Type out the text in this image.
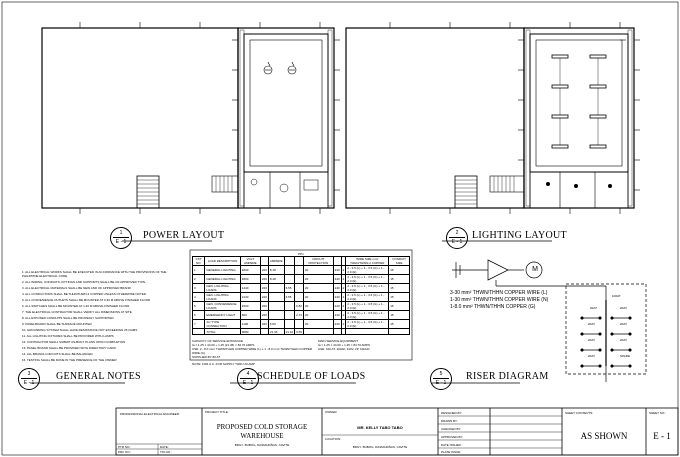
1
E - 1
POWER LAYOUT	2
E - 1
LIGHTING LAYOUT
3
E - 1
GENERAL NOTES	4
E - 1
SCHEDULE OF LOADS	5
E - 1
RISER DIAGRAM
1. ALL ELECTRICAL WORKS SHALL BE EXECUTED IN ACCORDANCE WITH THE PROVISIONS OF THE PHILIPPINE ELECTRICAL CODE
2. ALL WIRING, CONDUITS, FITTINGS AND SUPPORTS SHALL BE OF APPROVED TYPE
3. ALL ELECTRICAL MATERIALS SHALL BE NEW AND OF APPROVED BRAND
4. ALL CONDUCTORS SHALL BE THHN/THWN-2 COPPER UNLESS OTHERWISE NOTED
5. ALL CONVENIENCE OUTLETS SHALL BE MOUNTED AT 0.30 M ABOVE FINISHED FLOOR
6. ALL SWITCHES SHALL BE MOUNTED AT 1.40 M ABOVE FINISHED FLOOR
7. THE ELECTRICAL CONTRACTOR SHALL VERIFY ALL DIMENSIONS AT SITE
8. ALL EXPOSED CONDUITS SHALL BE PROPERLY SUPPORTED
9. PANELBOARD SHALL BE SURFACE MOUNTED
10. GROUNDING SYSTEM SHALL HAVE RESISTANCE NOT EXCEEDING 25 OHMS
11. ALL LIGHTING FIXTURES SHALL BE PROVIDED WITH LAMPS
12. CONTRACTOR SHALL SUBMIT AS-BUILT PLANS UPON COMPLETION
13. PANEL BOARD SHALL BE PROVIDED WITH DIRECTORY CARD
14. ALL BRANCH CIRCUITS SHALL BE BALANCED
15. TESTING SHALL BE DONE IN THE PRESENCE OF THE OWNER
PP1
CKT NO.	LOAD DESCRIPTION	VOLT AMPERE		AMPERE			CIRCUIT PROTECTION			WIRE SIZE mm² THHN/THWN-2 COPPER	CONDUIT SIZE
1	GENERAL LIGHTING	1800	220	8.18			20	240	2	2 - 3.5 (L) + 1 - 3.5 (G) + 1 - 2.0 (E)	15
2	GENERAL LIGHTING	1800	220	8.18			20	240	2	2 - 3.5 (L) + 1 - 3.5 (G) + 1 - 2.0 (E)	15
3	GEN. LIGHTING LOADS	1440	220		6.55		20	240	2	2 - 3.5 (L) + 1 - 3.5 (G) + 1 - 2.0 (E)	15
4	GEN. LIGHTING LOADS	1440	220		6.55		20	240	2	2 - 3.5 (L) + 1 - 3.5 (G) + 1 - 2.0 (E)	15
5	GEN. CONVENIENCE LOADS	1500	220			6.82	20	240	2	2 - 3.5 (L) + 1 - 3.5 (G) + 1 - 2.0 (E)	15
6	EMERGENCY LIGHT	600	220			2.73	20	240	2	2 - 3.5 (L) + 1 - 3.5 (G) + 1 - 2.0 (E)	15
7	AC TYPE CONNECTION	1100	220	5.00			20	240	2	2 - 3.5 (L) + 1 - 3.5 (G) + 1 - 2.0 (E)	15
	TOTAL	9680		21.36	13.10	9.55					
CAPACITY OF SERVICE ENTRANCE
Ia = 1.25 × 44.00 + 1.25 (21.36) = 84.70 AMPS
USE: 2 - 8.0 mm² THWN/THHN COPPER WIRE (L) + 1 - 8.0 mm² THWN/THHN COPPER WIRE (G)
SUPPLIED BY 80 AT
MAIN SERVICE EQUIPMENT
Ia = 1.25 × 44.00 + 1.25 = 84.70 AMPS
USE: 100 AT, 100AF, 240V, 2P, 10kAIC
NOTE: FOR A.C. FOR SUPPLY THRU 20 AMP
M
3-30 mm² THWN/THHN COPPER WIRE (L)
1-30 mm² THWN/THHN COPPER WIRE (N)
1-8.0 mm² THWN/THHN COPPER (G)
100AT
20AT	20AT
20AT	20AT
20AT	20AT
20AT	SPARE
PROFESSIONAL ELECTRICAL ENGINEER:
PTR NO.:	DATE:
PRC NO.:	TIN NO.:
PROJECT TITLE:
PROPOSED COLD STORAGE
WAREHOUSE
BRGY. BUBOG, DASMARIÑAS, CAVITE
OWNER:
MR. KELLY TABO TABO
LOCATION:
BRGY. BUBOG, DASMARIÑAS, CAVITE
DESIGNED BY:
DRAWN BY:
CHECKED BY:
APPROVED BY:
DATE ISSUED:
PLATE ISSUE:
SHEET CONTENTS:
AS SHOWN
SHEET NO.:
E - 1
